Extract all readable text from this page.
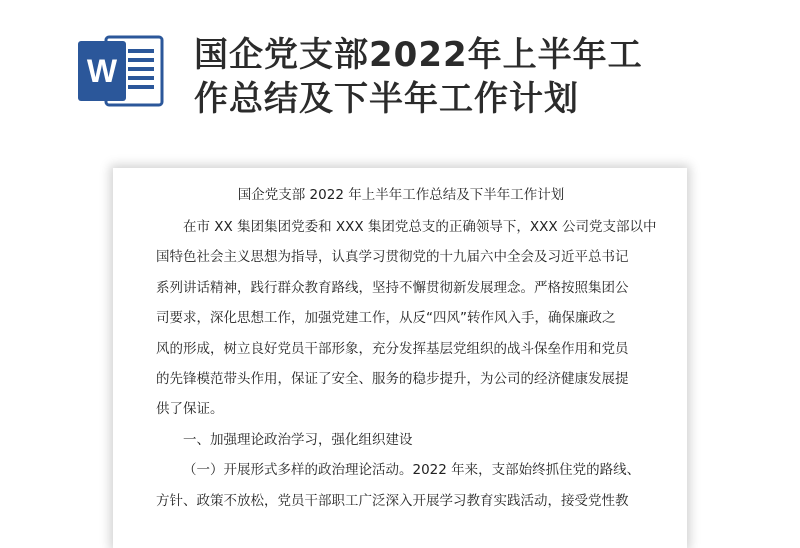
W 国企党支部2022年上半年工
作总结及下半年工作计划
国企党支部 2022 年上半年工作总结及下半年工作计划
在市 XX 集团集团党委和 XXX 集团党总支的正确领导下，XXX 公司党支部以中
国特色社会主义思想为指导，认真学习贯彻党的十九届六中全会及习近平总书记
系列讲话精神，践行群众教育路线，坚持不懈贯彻新发展理念。严格按照集团公
司要求，深化思想工作，加强党建工作，从反“四风”转作风入手，确保廉政之
风的形成，树立良好党员干部形象，充分发挥基层党组织的战斗保垒作用和党员
的先锋模范带头作用，保证了安全、服务的稳步提升，为公司的经济健康发展提
供了保证。
一、加强理论政治学习，强化组织建设
（一）开展形式多样的政治理论活动。2022 年来，支部始终抓住党的路线、
方针、政策不放松，党员干部职工广泛深入开展学习教育实践活动，接受党性教
